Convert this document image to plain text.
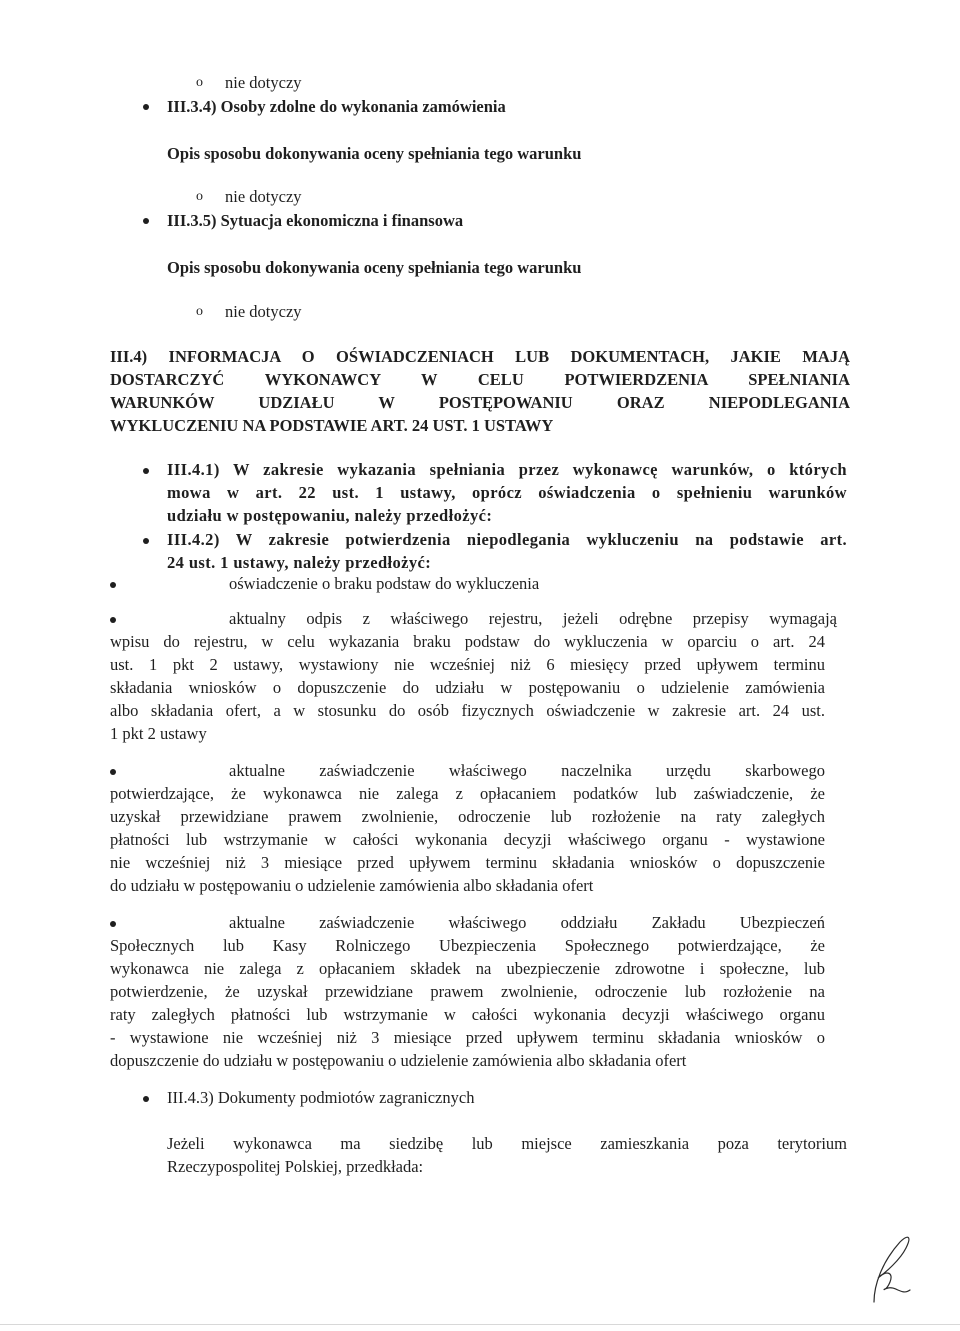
o nie dotyczy
III.3.4) Osoby zdolne do wykonania zamówienia
Opis sposobu dokonywania oceny spełniania tego warunku
o nie dotyczy
III.3.5) Sytuacja ekonomiczna i finansowa
Opis sposobu dokonywania oceny spełniania tego warunku
o nie dotyczy
III.4) INFORMACJA O OŚWIADCZENIACH LUB DOKUMENTACH, JAKIE MAJĄ
DOSTARCZYĆ WYKONAWCY W CELU POTWIERDZENIA SPEŁNIANIA
WARUNKÓW UDZIAŁU W POSTĘPOWANIU ORAZ NIEPODLEGANIA
WYKLUCZENIU NA PODSTAWIE ART. 24 UST. 1 USTAWY
III.4.1) W zakresie wykazania spełniania przez wykonawcę warunków, o których
mowa w art. 22 ust. 1 ustawy, oprócz oświadczenia o spełnieniu warunków
udziału w postępowaniu, należy przedłożyć:
III.4.2) W zakresie potwierdzenia niepodlegania wykluczeniu na podstawie art.
24 ust. 1 ustawy, należy przedłożyć:
oświadczenie o braku podstaw do wykluczenia
aktualny odpis z właściwego rejestru, jeżeli odrębne przepisy wymagają
wpisu do rejestru, w celu wykazania braku podstaw do wykluczenia w oparciu o art. 24
ust. 1 pkt 2 ustawy, wystawiony nie wcześniej niż 6 miesięcy przed upływem terminu
składania wniosków o dopuszczenie do udziału w postępowaniu o udzielenie zamówienia
albo składania ofert, a w stosunku do osób fizycznych oświadczenie w zakresie art. 24 ust.
1 pkt 2 ustawy
aktualne zaświadczenie właściwego naczelnika urzędu skarbowego
potwierdzające, że wykonawca nie zalega z opłacaniem podatków lub zaświadczenie, że
uzyskał przewidziane prawem zwolnienie, odroczenie lub rozłożenie na raty zaległych
płatności lub wstrzymanie w całości wykonania decyzji właściwego organu - wystawione
nie wcześniej niż 3 miesiące przed upływem terminu składania wniosków o dopuszczenie
do udziału w postępowaniu o udzielenie zamówienia albo składania ofert
aktualne zaświadczenie właściwego oddziału Zakładu Ubezpieczeń
Społecznych lub Kasy Rolniczego Ubezpieczenia Społecznego potwierdzające, że
wykonawca nie zalega z opłacaniem składek na ubezpieczenie zdrowotne i społeczne, lub
potwierdzenie, że uzyskał przewidziane prawem zwolnienie, odroczenie lub rozłożenie na
raty zaległych płatności lub wstrzymanie w całości wykonania decyzji właściwego organu
- wystawione nie wcześniej niż 3 miesiące przed upływem terminu składania wniosków o
dopuszczenie do udziału w postępowaniu o udzielenie zamówienia albo składania ofert
III.4.3) Dokumenty podmiotów zagranicznych
Jeżeli wykonawca ma siedzibę lub miejsce zamieszkania poza terytorium
Rzeczypospolitej Polskiej, przedkłada:
